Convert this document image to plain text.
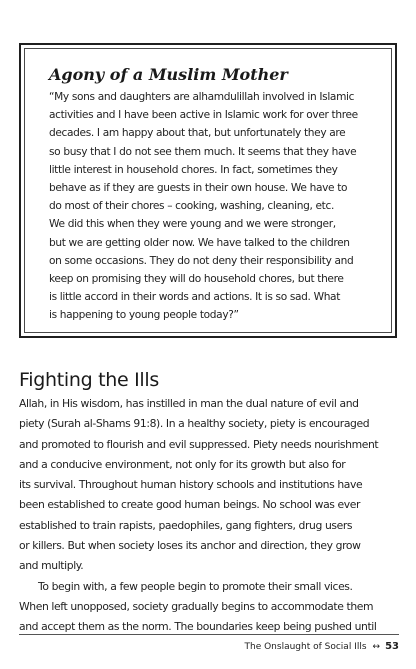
Agony of a Muslim Mother

“My sons and daughters are alhamdulillah involved in Islamic
activities and I have been active in Islamic work for over three
decades. I am happy about that, but unfortunately they are
so busy that I do not see them much. It seems that they have
little interest in household chores. In fact, sometimes they
behave as if they are guests in their own house. We have to
do most of their chores – cooking, washing, cleaning, etc.
We did this when they were young and we were stronger,
but we are getting older now. We have talked to the children
on some occasions. They do not deny their responsibility and
keep on promising they will do household chores, but there
is little accord in their words and actions. It is so sad. What
is happening to young people today?”

Fighting the Ills

Allah, in His wisdom, has instilled in man the dual nature of evil and
piety (Surah al-Shams 91:8). In a healthy society, piety is encouraged
and promoted to flourish and evil suppressed. Piety needs nourishment
and a conducive environment, not only for its growth but also for
its survival. Throughout human history schools and institutions have
been established to create good human beings. No school was ever
established to train rapists, paedophiles, gang fighters, drug users
or killers. But when society loses its anchor and direction, they grow
and multiply.

To begin with, a few people begin to promote their small vices.
When left unopposed, society gradually begins to accommodate them
and accept them as the norm. The boundaries keep being pushed until

The Onslaught of Social Ills ↔ 53
